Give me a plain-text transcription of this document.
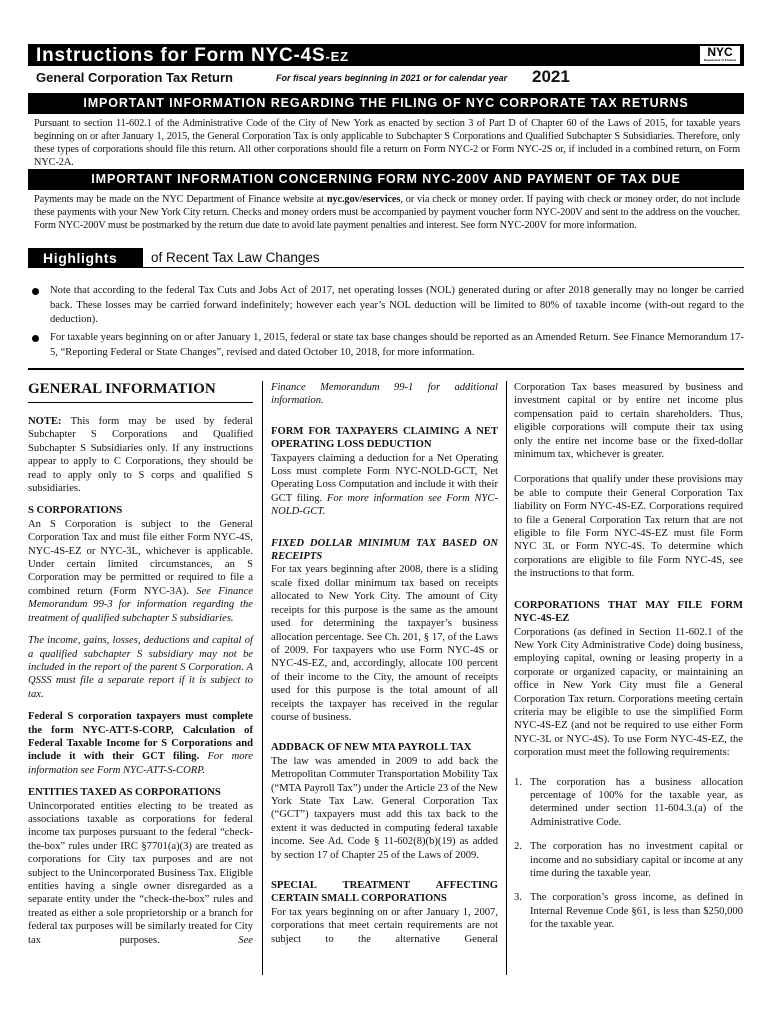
Instructions for Form NYC-4S-EZ	NYC
Department of Finance
General Corporation Tax Return	For fiscal years beginning in 2021 or for calendar year 2021
IMPORTANT INFORMATION REGARDING THE FILING OF NYC CORPORATE TAX RETURNS
Pursuant to section 11-602.1 of the Administrative Code of the City of New York as enacted by section 3 of Part D of Chapter 60 of the Laws of 2015, for taxable years beginning on or after January 1, 2015, the General Corporation Tax is only applicable to Subchapter S Corporations and Qualified Subchapter S Subsidiaries. Therefore, only these types of corporations should file this return. All other corporations should file a return on Form NYC-2 or Form NYC-2S or, if included in a combined return, on Form NYC-2A.
IMPORTANT INFORMATION CONCERNING FORM NYC-200V AND PAYMENT OF TAX DUE
Payments may be made on the NYC Department of Finance website at nyc.gov/eservices, or via check or money order. If paying with check or money order, do not include these payments with your New York City return. Checks and money orders must be accompanied by payment voucher form NYC-200V and sent to the address on the voucher. Form NYC-200V must be postmarked by the return due date to avoid late payment penalties and interest. See form NYC-200V for more information.
Highlights	of Recent Tax Law Changes
Note that according to the federal Tax Cuts and Jobs Act of 2017, net operating losses (NOL) generated during or after 2018 generally may no longer be carried back. These losses may be carried forward indefinitely; however each year’s NOL deduction will be limited to 80% of taxable income (with-out regard to the deduction).
For taxable years beginning on or after January 1, 2015, federal or state tax base changes should be reported as an Amended Return. See Finance Memorandum 17-5, “Reporting Federal or State Changes”, revised and dated October 10, 2018, for more information.

GENERAL INFORMATION

NOTE: This form may be used by federal Subchapter S Corporations and Qualified Subchapter S Subsidiaries only. If any instructions appear to apply to C Corporations, they should be read to apply only to S corps and qualified S subsidiaries.

S CORPORATIONS

An S Corporation is subject to the General Corporation Tax and must file either Form NYC-4S, NYC-4S-EZ or NYC-3L, whichever is applicable. Under certain limited circumstances, an S Corporation may be permitted or required to file a combined return (Form NYC-3A). See Finance Memorandum 99-3 for information regarding the treatment of qualified subchapter S subsidiaries.

The income, gains, losses, deductions and capital of a qualified subchapter S subsidiary may not be included in the report of the parent S Corporation. A QSSS must file a separate report if it is subject to tax.

Federal S corporation taxpayers must complete the form NYC-ATT-S-CORP, Calculation of Federal Taxable Income for S Corporations and include it with their GCT filing. For more information see Form NYC-ATT-S-CORP.

ENTITIES TAXED AS CORPORATIONS

Unincorporated entities electing to be treated as associations taxable as corporations for federal income tax purposes pursuant to the federal “check-the-box” rules under IRC §7701(a)(3) are treated as corporations for City tax purposes and are not subject to the Unincorporated Business Tax. Eligible entities having a single owner disregarded as a separate entity under the “check-the-box” rules and treated as either a sole proprietorship or a branch for federal tax purposes will be similarly treated for City tax purposes.	See

Finance Memorandum 99-1 for additional information.

FORM FOR TAXPAYERS CLAIMING A NET OPERATING LOSS DEDUCTION

Taxpayers claiming a deduction for a Net Operating Loss must complete Form NYC-NOLD-GCT, Net Operating Loss Computation and include it with their GCT filing. For more information see Form NYC-NOLD-GCT.

FIXED DOLLAR MINIMUM TAX BASED ON RECEIPTS

For tax years beginning after 2008, there is a sliding scale fixed dollar minimum tax based on receipts allocated to New York City. The amount of City receipts for this purpose is the same as the amount used for determining the taxpayer’s business allocation percentage. See Ch. 201, § 17, of the Laws of 2009. For taxpayers who use Form NYC-4S or NYC-4S-EZ, and, accordingly, allocate 100 percent of their income to the City, the amount of receipts used for this purpose is the total amount of all receipts the taxpayer has received in the regular course of business.

ADDBACK OF NEW MTA PAYROLL TAX

The law was amended in 2009 to add back the Metropolitan Commuter Transportation Mobility Tax (“MTA Payroll Tax”) under the Article 23 of the New York State Tax Law. General Corporation Tax (“GCT”) taxpayers must add this tax back to the extent it was deducted in computing federal taxable income. See Ad. Code § 11-602(8)(b)(19) as added by section 17 of Chapter 25 of the Laws of 2009.

SPECIAL TREATMENT AFFECTING CERTAIN SMALL CORPORATIONS

For tax years beginning on or after January 1, 2007, corporations that meet certain requirements are not subject to the alternative General

Corporation Tax bases measured by business and investment capital or by entire net income plus compensation paid to certain shareholders. Thus, eligible corporations will compute their tax using only the entire net income base or the fixed-dollar minimum tax, whichever is greater.

Corporations that qualify under these provisions may be able to compute their General Corporation Tax liability on Form NYC-4S-EZ. Corporations required to file a General Corporation Tax return that are not eligible to file Form NYC-4S-EZ must file Form NYC 3L or Form NYC-4S. To determine which corporations are eligible to file Form NYC-4S, see the instructions to that form.

CORPORATIONS THAT MAY FILE FORM NYC-4S-EZ

Corporations (as defined in Section 11-602.1 of the New York City Administrative Code) doing business, employing capital, owning or leasing property in a corporate or organized capacity, or maintaining an office in New York City must file a General Corporation Tax return. Corporations meeting certain criteria may be eligible to use the simplified Form NYC-4S-EZ (and not be required to use either Form NYC-3L or NYC-4S). To use Form NYC-4S-EZ, the corporation must meet the following requirements:

1. The corporation has a business allocation percentage of 100% for the taxable year, as determined under section 11-604.3.(a) of the Administrative Code.
2. The corporation has no investment capital or income and no subsidiary capital or income at any time during the taxable year.
3. The corporation’s gross income, as defined in Internal Revenue Code §61, is less than $250,000 for the taxable year.
